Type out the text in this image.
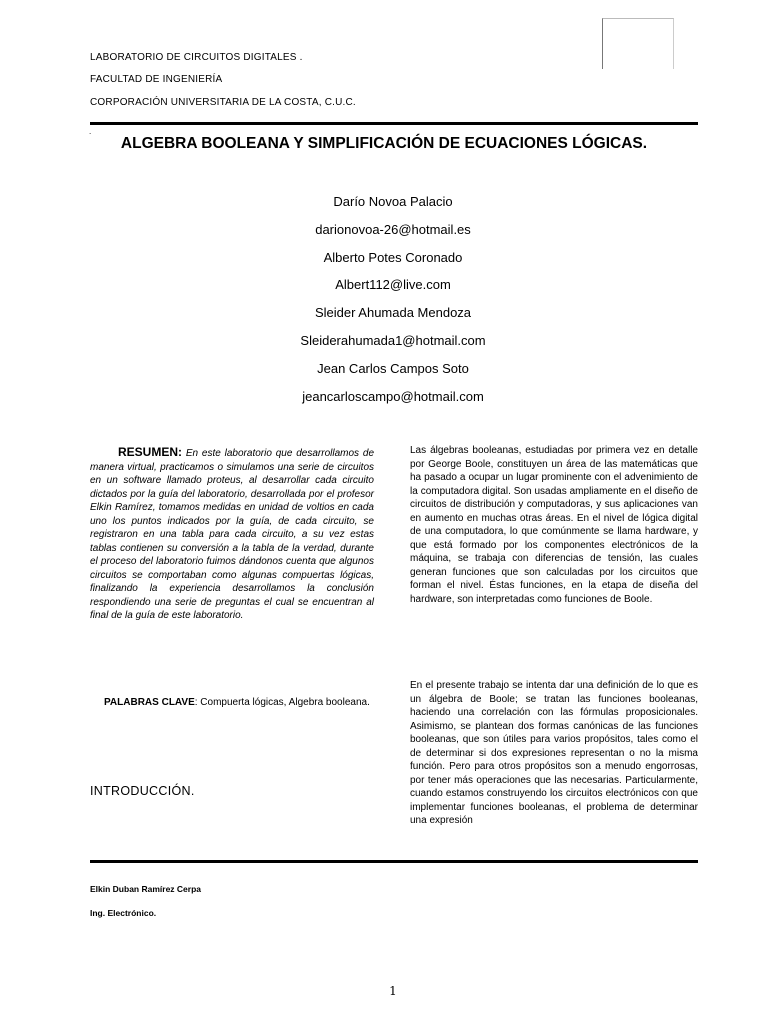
LABORATORIO DE CIRCUITOS DIGITALES .
FACULTAD DE INGENIERÍA
CORPORACIÓN UNIVERSITARIA DE LA COSTA, C.U.C.
.
ALGEBRA BOOLEANA Y SIMPLIFICACIÓN DE ECUACIONES LÓGICAS.
Darío Novoa Palacio
darionovoa-26@hotmail.es
Alberto Potes Coronado
Albert112@live.com
Sleider Ahumada Mendoza
Sleiderahumada1@hotmail.com
Jean Carlos Campos Soto
jeancarloscampo@hotmail.com

RESUMEN: En este laboratorio que desarrollamos de manera virtual, practicamos o simulamos una serie de circuitos en un software llamado proteus, al desarrollar cada circuito dictados por la guía del laboratorio, desarrollada por el profesor Elkin Ramírez, tomamos medidas en unidad de voltios en cada uno los puntos indicados por la guía, de cada circuito, se registraron en una tabla para cada circuito, a su vez estas tablas contienen su conversión a la tabla de la verdad, durante el proceso del laboratorio fuimos dándonos cuenta que algunos circuitos se comportaban como algunas compuertas lógicas, finalizando la experiencia desarrollamos la conclusión respondiendo una serie de preguntas el cual se encuentran al final de la guía de este laboratorio.

PALABRAS CLAVE: Compuerta lógicas, Algebra booleana.

INTRODUCCIÓN.

Las álgebras booleanas, estudiadas por primera vez en detalle por George Boole, constituyen un área de las matemáticas que ha pasado a ocupar un lugar prominente con el advenimiento de la computadora digital. Son usadas ampliamente en el diseño de circuitos de distribución y computadoras, y sus aplicaciones van en aumento en muchas otras áreas. En el nivel de lógica digital de una computadora, lo que comúnmente se llama hardware, y que está formado por los componentes electrónicos de la máquina, se trabaja con diferencias de tensión, las cuales generan funciones que son calculadas por los circuitos que forman el nivel. Éstas funciones, en la etapa de diseña del hardware, son interpretadas como funciones de Boole.

En el presente trabajo se intenta dar una definición de lo que es un álgebra de Boole; se tratan las funciones booleanas, haciendo una correlación con las fórmulas proposicionales. Asimismo, se plantean dos formas canónicas de las funciones booleanas, que son útiles para varios propósitos, tales como el de determinar si dos expresiones representan o no la misma función. Pero para otros propósitos son a menudo engorrosas, por tener más operaciones que las necesarias. Particularmente, cuando estamos construyendo los circuitos electrónicos con que implementar funciones booleanas, el problema de determinar una expresión

Elkin Duban Ramírez Cerpa
Ing. Electrónico.
1
